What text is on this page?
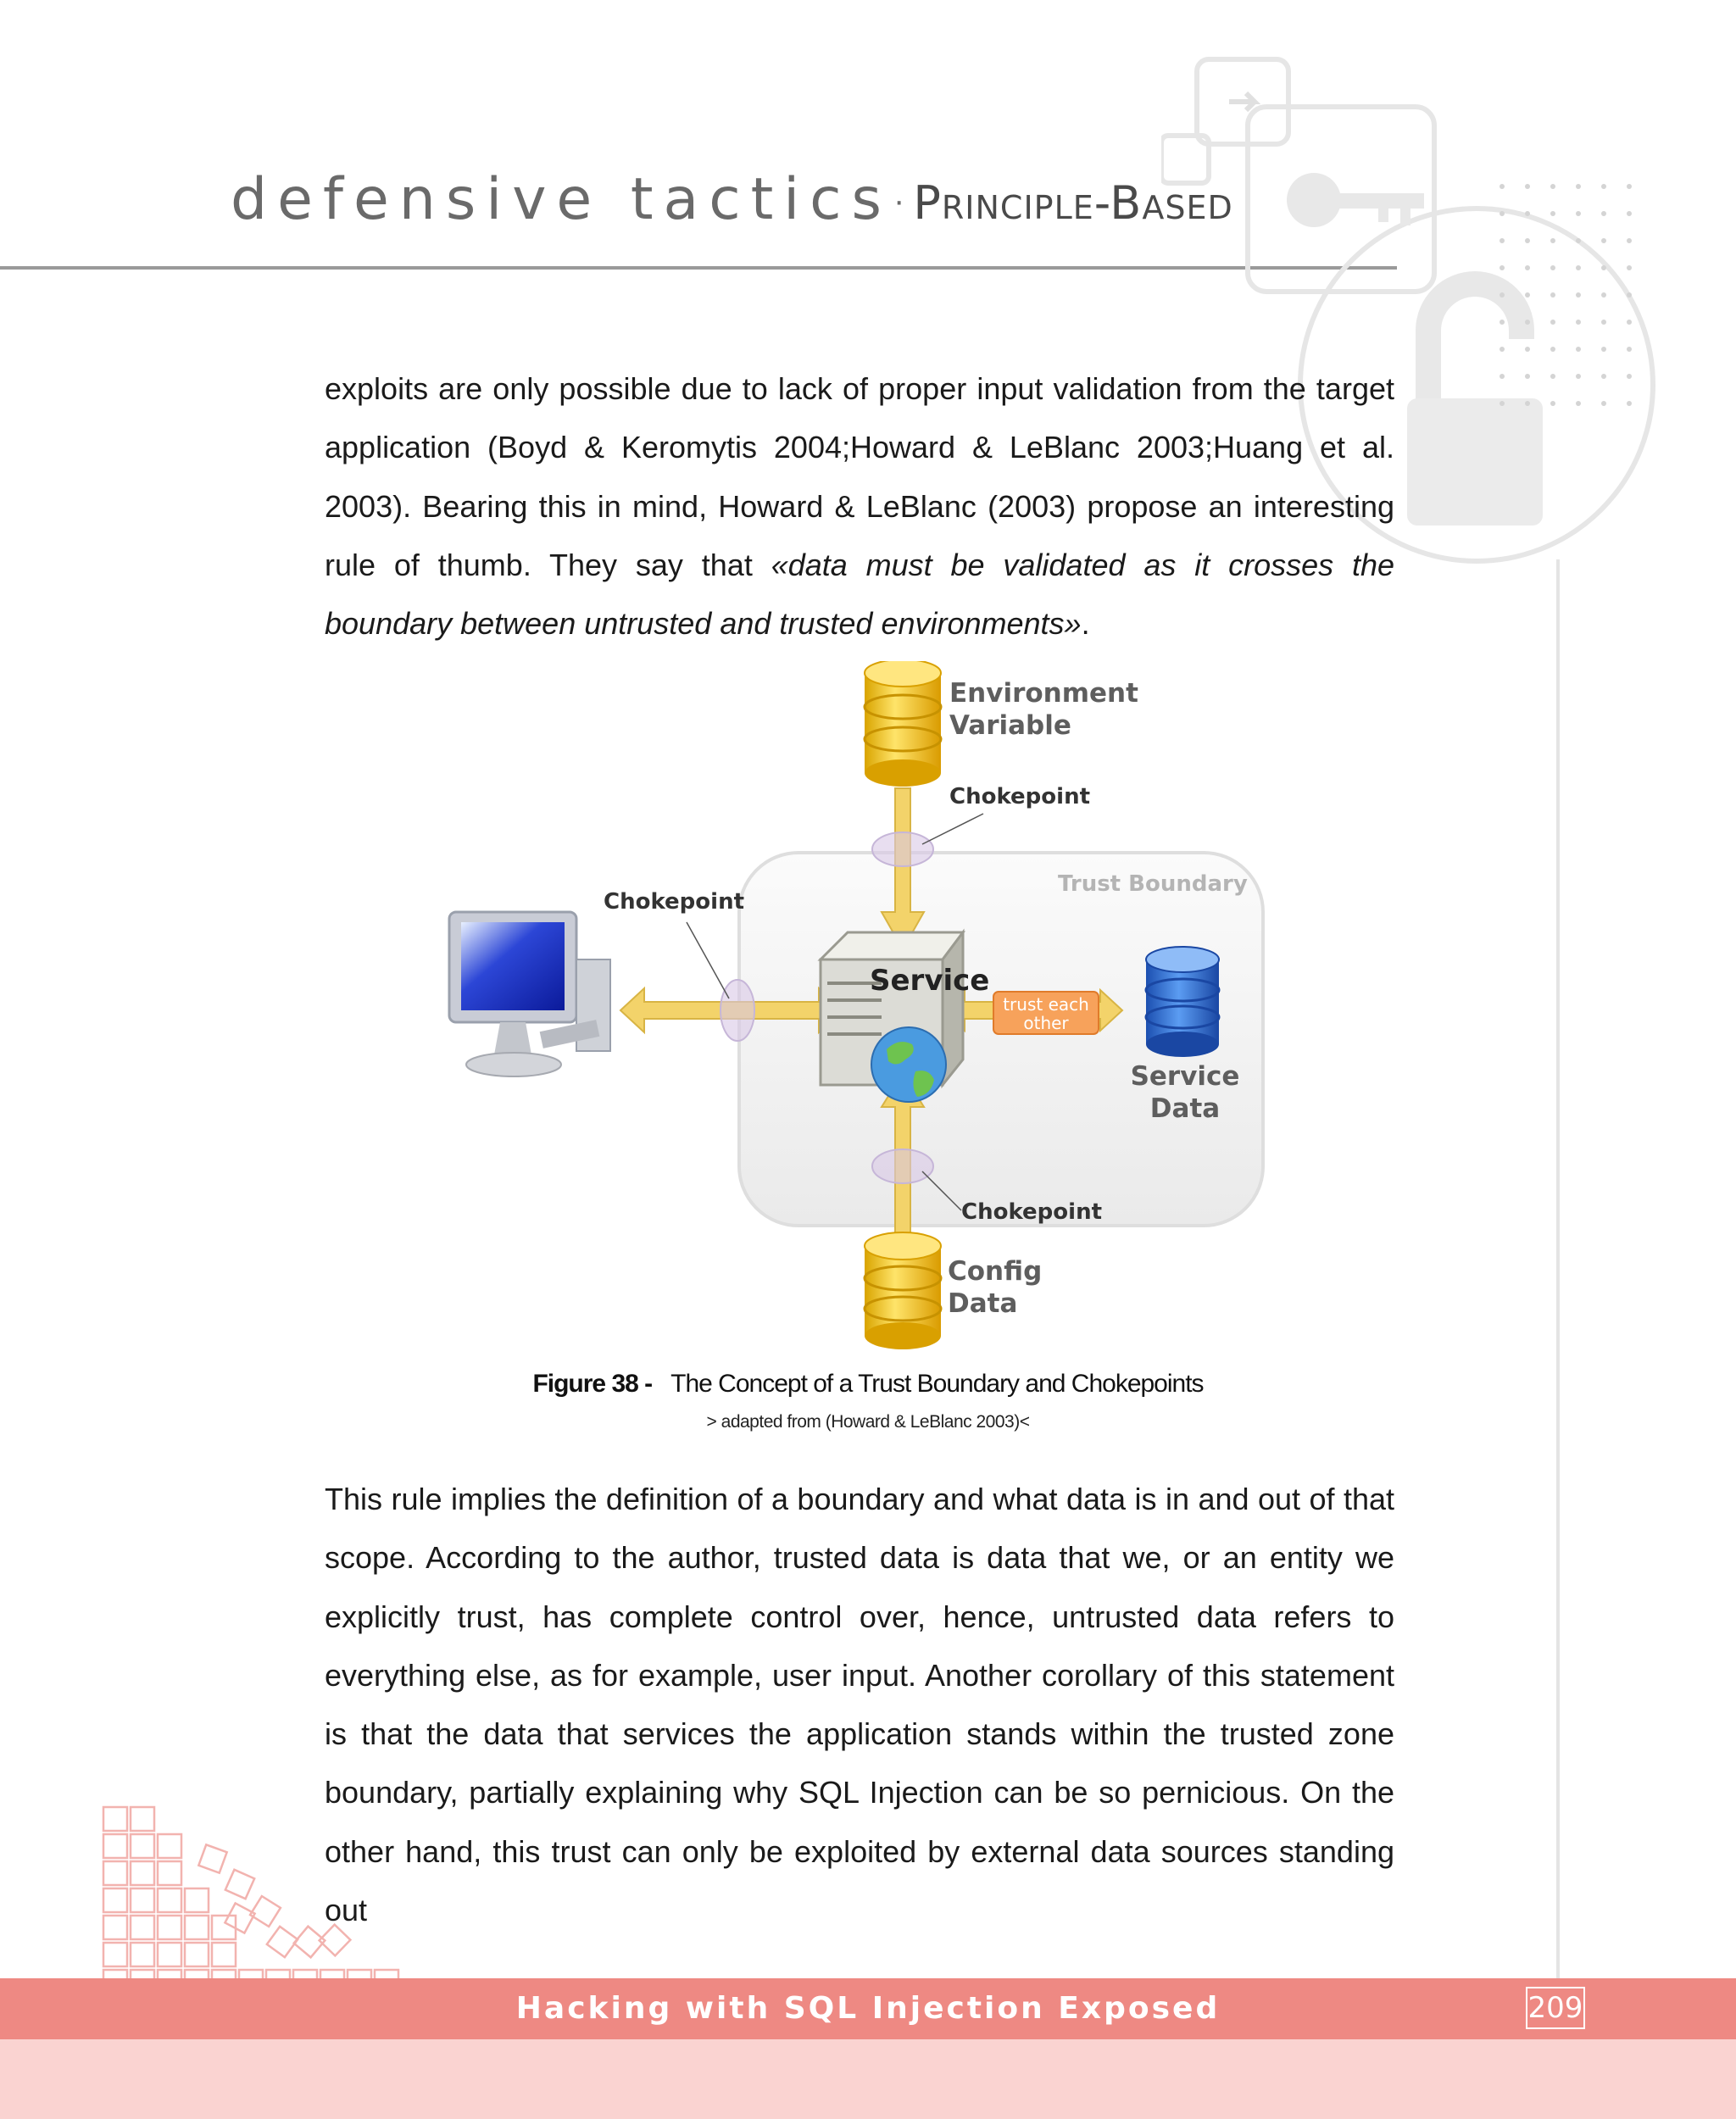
defensive tactics· Principle-Based
exploits are only possible due to lack of proper input validation from the target application (Boyd & Keromytis 2004;Howard & LeBlanc 2003;Huang et al. 2003). Bearing this in mind, Howard & LeBlanc (2003) propose an interesting rule of thumb. They say that «data must be validated as it crosses the boundary between untrusted and trusted environments».
trust each
other
Environment
Variable
Chokepoint
Chokepoint
Chokepoint
Trust Boundary
Service
Service
Data
Config
Data
Figure 38 - The Concept of a Trust Boundary and Chokepoints
> adapted from (Howard & LeBlanc 2003)<
This rule implies the definition of a boundary and what data is in and out of that scope. According to the author, trusted data is data that we, or an entity we explicitly trust, has complete control over, hence, untrusted data refers to everything else, as for example, user input. Another corollary of this statement is that the data that services the application stands within the trusted zone boundary, partially explaining why SQL Injection can be so pernicious. On the other hand, this trust can only be exploited by external data sources standing out
Hacking with SQL Injection Exposed	209
